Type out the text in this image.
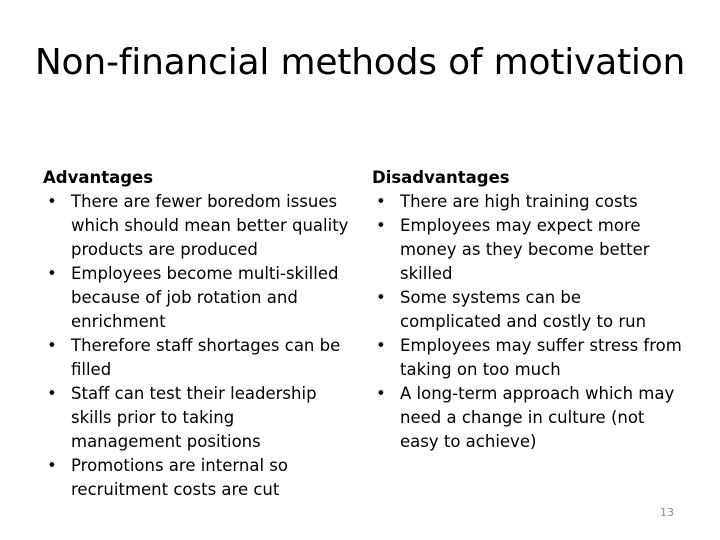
Non-financial methods of motivation

Advantages

• There are fewer boredom issues which should mean better quality products are produced
• Employees become multi-skilled because of job rotation and enrichment
• Therefore staff shortages can be filled
• Staff can test their leadership skills prior to taking management positions
• Promotions are internal so recruitment costs are cut

Disadvantages

• There are high training costs
• Employees may expect more money as they become better skilled
• Some systems can be complicated and costly to run
• Employees may suffer stress from taking on too much
• A long-term approach which may need a change in culture (not easy to achieve)
13
